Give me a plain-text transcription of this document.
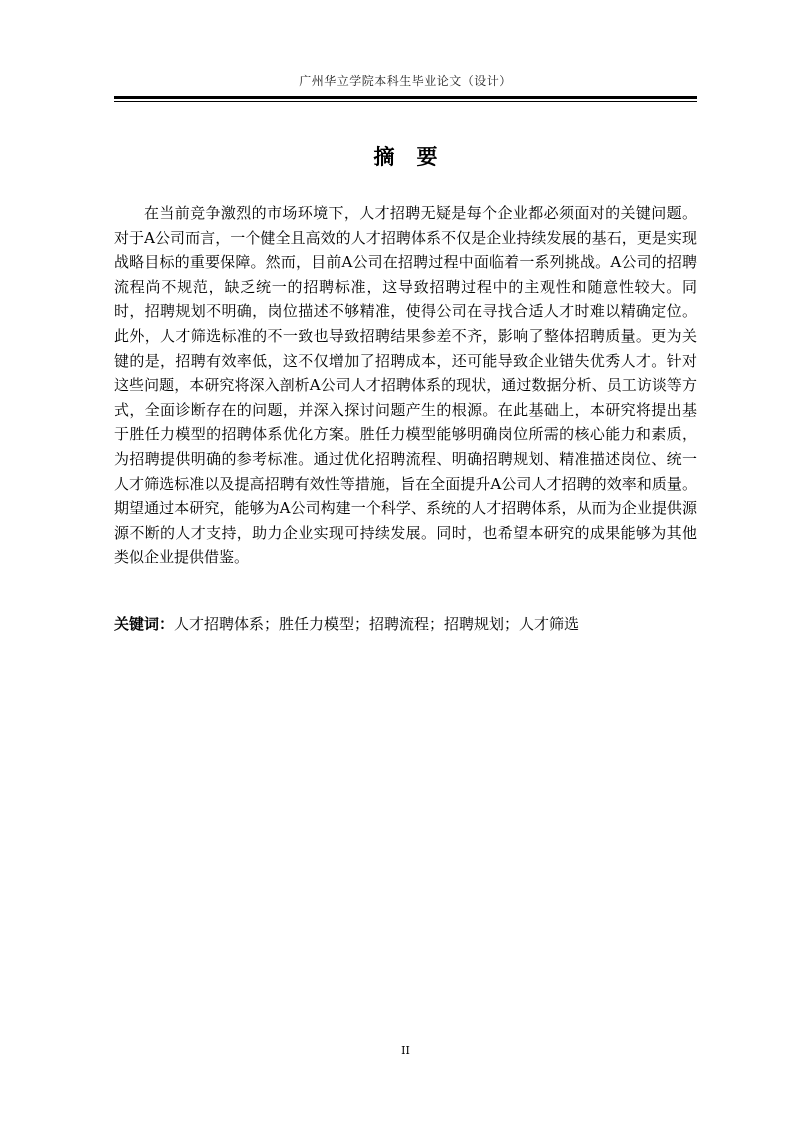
广州华立学院本科生毕业论文（设计）
摘要

在当前竞争激烈的市场环境下，人才招聘无疑是每个企业都必须面对的关键问题。对于A公司而言，一个健全且高效的人才招聘体系不仅是企业持续发展的基石，更是实现战略目标的重要保障。然而，目前A公司在招聘过程中面临着一系列挑战。A公司的招聘流程尚不规范，缺乏统一的招聘标准，这导致招聘过程中的主观性和随意性较大。同时，招聘规划不明确，岗位描述不够精准，使得公司在寻找合适人才时难以精确定位。此外，人才筛选标准的不一致也导致招聘结果参差不齐，影响了整体招聘质量。更为关键的是，招聘有效率低，这不仅增加了招聘成本，还可能导致企业错失优秀人才。针对这些问题，本研究将深入剖析A公司人才招聘体系的现状，通过数据分析、员工访谈等方式，全面诊断存在的问题，并深入探讨问题产生的根源。在此基础上，本研究将提出基于胜任力模型的招聘体系优化方案。胜任力模型能够明确岗位所需的核心能力和素质，为招聘提供明确的参考标准。通过优化招聘流程、明确招聘规划、精准描述岗位、统一人才筛选标准以及提高招聘有效性等措施，旨在全面提升A公司人才招聘的效率和质量。期望通过本研究，能够为A公司构建一个科学、系统的人才招聘体系，从而为企业提供源源不断的人才支持，助力企业实现可持续发展。同时，也希望本研究的成果能够为其他类似企业提供借鉴。

关键词：人才招聘体系；胜任力模型；招聘流程；招聘规划；人才筛选
II
